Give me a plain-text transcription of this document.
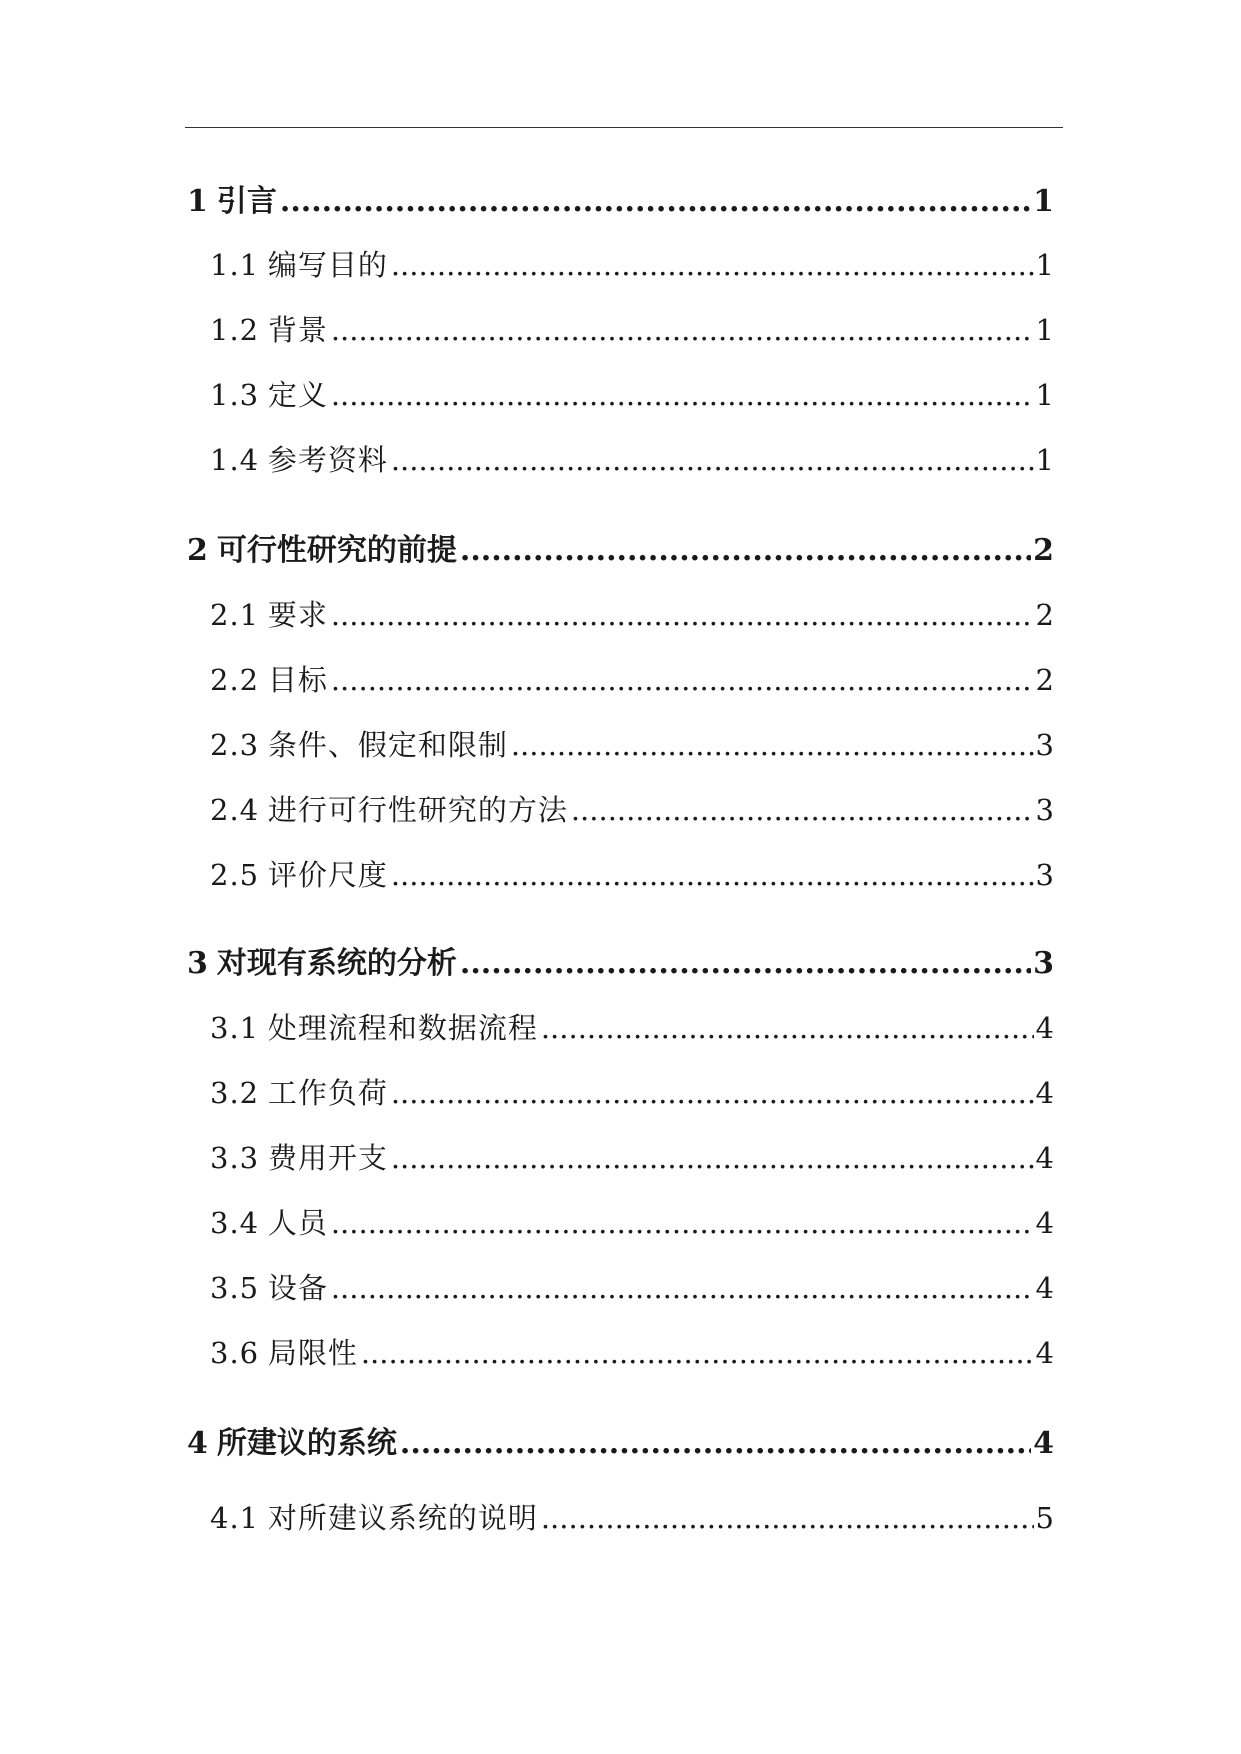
1 引言 .....	1
1.1 编写目的 .....	1
1.2 背景 .....	1
1.3 定义 .....	1
1.4 参考资料 .....	1
2 可行性研究的前提 .....	2
2.1 要求 .....	2
2.2 目标 .....	2
2.3 条件、假定和限制 .....	3
2.4 进行可行性研究的方法 .....	3
2.5 评价尺度 .....	3
3 对现有系统的分析 .....	3
3.1 处理流程和数据流程 .....	4
3.2 工作负荷 .....	4
3.3 费用开支 .....	4
3.4 人员 .....	4
3.5 设备 .....	4
3.6 局限性 .....	4
4 所建议的系统 .....	4
4.1 对所建议系统的说明 .....	5
